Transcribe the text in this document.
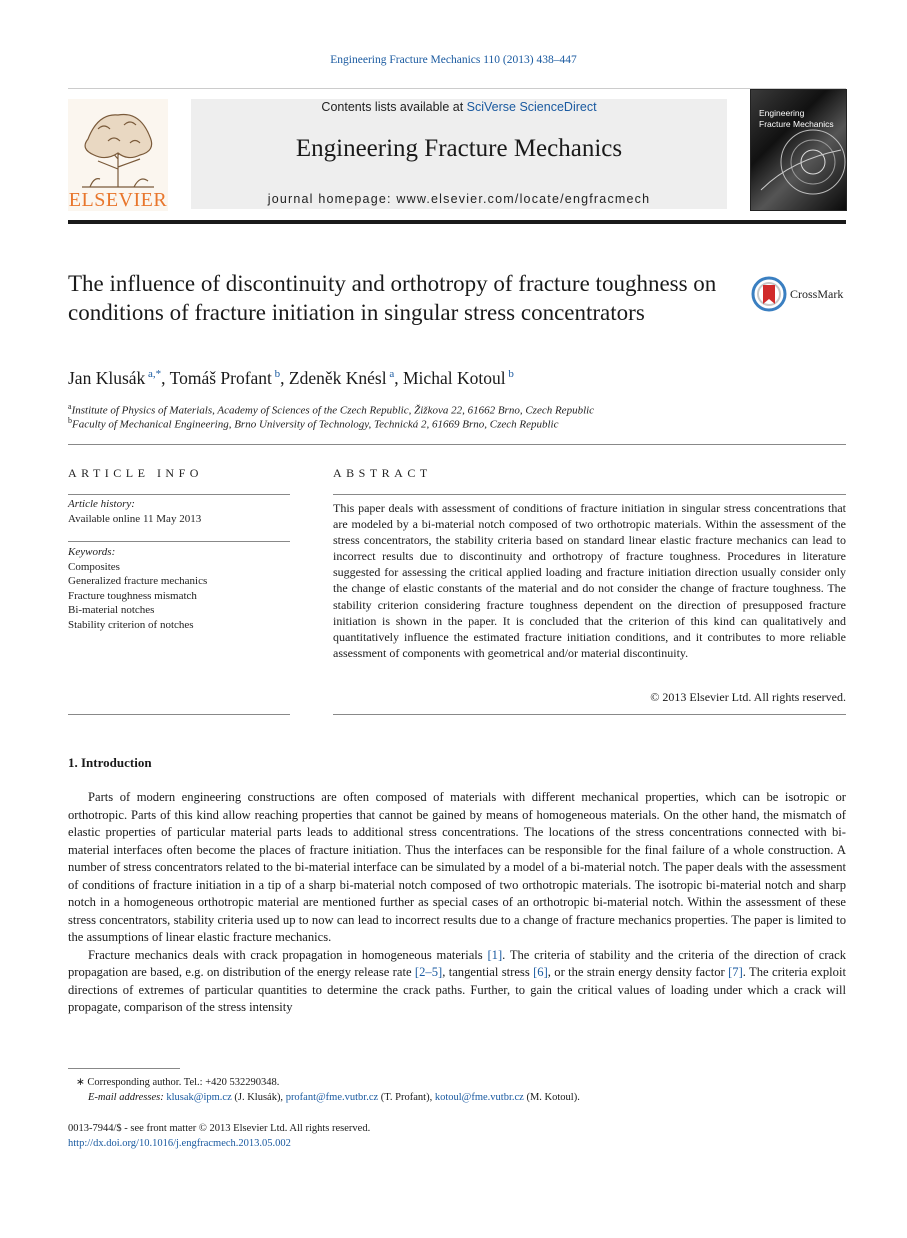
Engineering Fracture Mechanics 110 (2013) 438–447
ELSEVIER
Contents lists available at SciVerse ScienceDirect
Engineering Fracture Mechanics
journal homepage: www.elsevier.com/locate/engfracmech
Engineering
Fracture Mechanics
The influence of discontinuity and orthotropy of fracture toughness on conditions of fracture initiation in singular stress concentrators
CrossMark
Jan Klusák $^{a,*}$, Tomáš Profant $^b$, Zdeněk Knésl $^a$, Michal Kotoul $^b$
$^a$Institute of Physics of Materials, Academy of Sciences of the Czech Republic, Žižkova 22, 61662 Brno, Czech Republic
$^b$Faculty of Mechanical Engineering, Brno University of Technology, Technická 2, 61669 Brno, Czech Republic
ARTICLE INFO
Article history:
Available online 11 May 2013
Keywords:
Composites
Generalized fracture mechanics
Fracture toughness mismatch
Bi-material notches
Stability criterion of notches
ABSTRACT
This paper deals with assessment of conditions of fracture initiation in singular stress concentrations that are modeled by a bi-material notch composed of two orthotropic materials. Within the assessment of the stress concentrators, the stability criteria based on standard linear elastic fracture mechanics can lead to incorrect results due to discontinuity and orthotropy of fracture toughness. Procedures in literature suggested for assessing the critical applied loading and fracture initiation direction usually consider only the change of elastic constants of the material and do not consider the change of fracture toughness. The stability criterion considering fracture toughness dependent on the direction of presupposed fracture initiation is shown in the paper. It is concluded that the criterion of this kind can qualitatively and quantitatively influence the estimated fracture initiation conditions, and it contributes to more reliable assessment of components with geometrical and/or material discontinuity.
© 2013 Elsevier Ltd. All rights reserved.
1. Introduction

Parts of modern engineering constructions are often composed of materials with different mechanical properties, which can be isotropic or orthotropic. Parts of this kind allow reaching properties that cannot be gained by means of homogeneous materials. On the other hand, the mismatch of elastic properties of particular material parts leads to additional stress concentrations. The locations of the stress concentrations connected with bi-material interfaces often become the places of fracture initiation. Thus the interfaces can be responsible for the final failure of a whole construction. A number of stress concentrators related to the bi-material interface can be simulated by a model of a bi-material notch. The paper deals with the assessment of conditions of fracture initiation in a tip of a sharp bi-material notch composed of two orthotropic materials. The isotropic bi-material notch and sharp notch in a homogeneous orthotropic material are mentioned further as special cases of an orthotropic bi-material notch. Within the assessment of these stress concentrators, stability criteria used up to now can lead to incorrect results due to a change of fracture mechanics properties. The paper is limited to the assumptions of linear elastic fracture mechanics.

Fracture mechanics deals with crack propagation in homogeneous materials [1]. The criteria of stability and the criteria of the direction of crack propagation are based, e.g. on distribution of the energy release rate [2–5], tangential stress [6], or the strain energy density factor [7]. The criteria exploit directions of extremes of particular quantities to determine the crack paths. Further, to gain the critical values of loading under which a crack will propagate, comparison of the stress intensity

∗ Corresponding author. Tel.: +420 532290348.
E-mail addresses: klusak@ipm.cz (J. Klusák), profant@fme.vutbr.cz (T. Profant), kotoul@fme.vutbr.cz (M. Kotoul).
0013-7944/$ - see front matter © 2013 Elsevier Ltd. All rights reserved.
http://dx.doi.org/10.1016/j.engfracmech.2013.05.002
